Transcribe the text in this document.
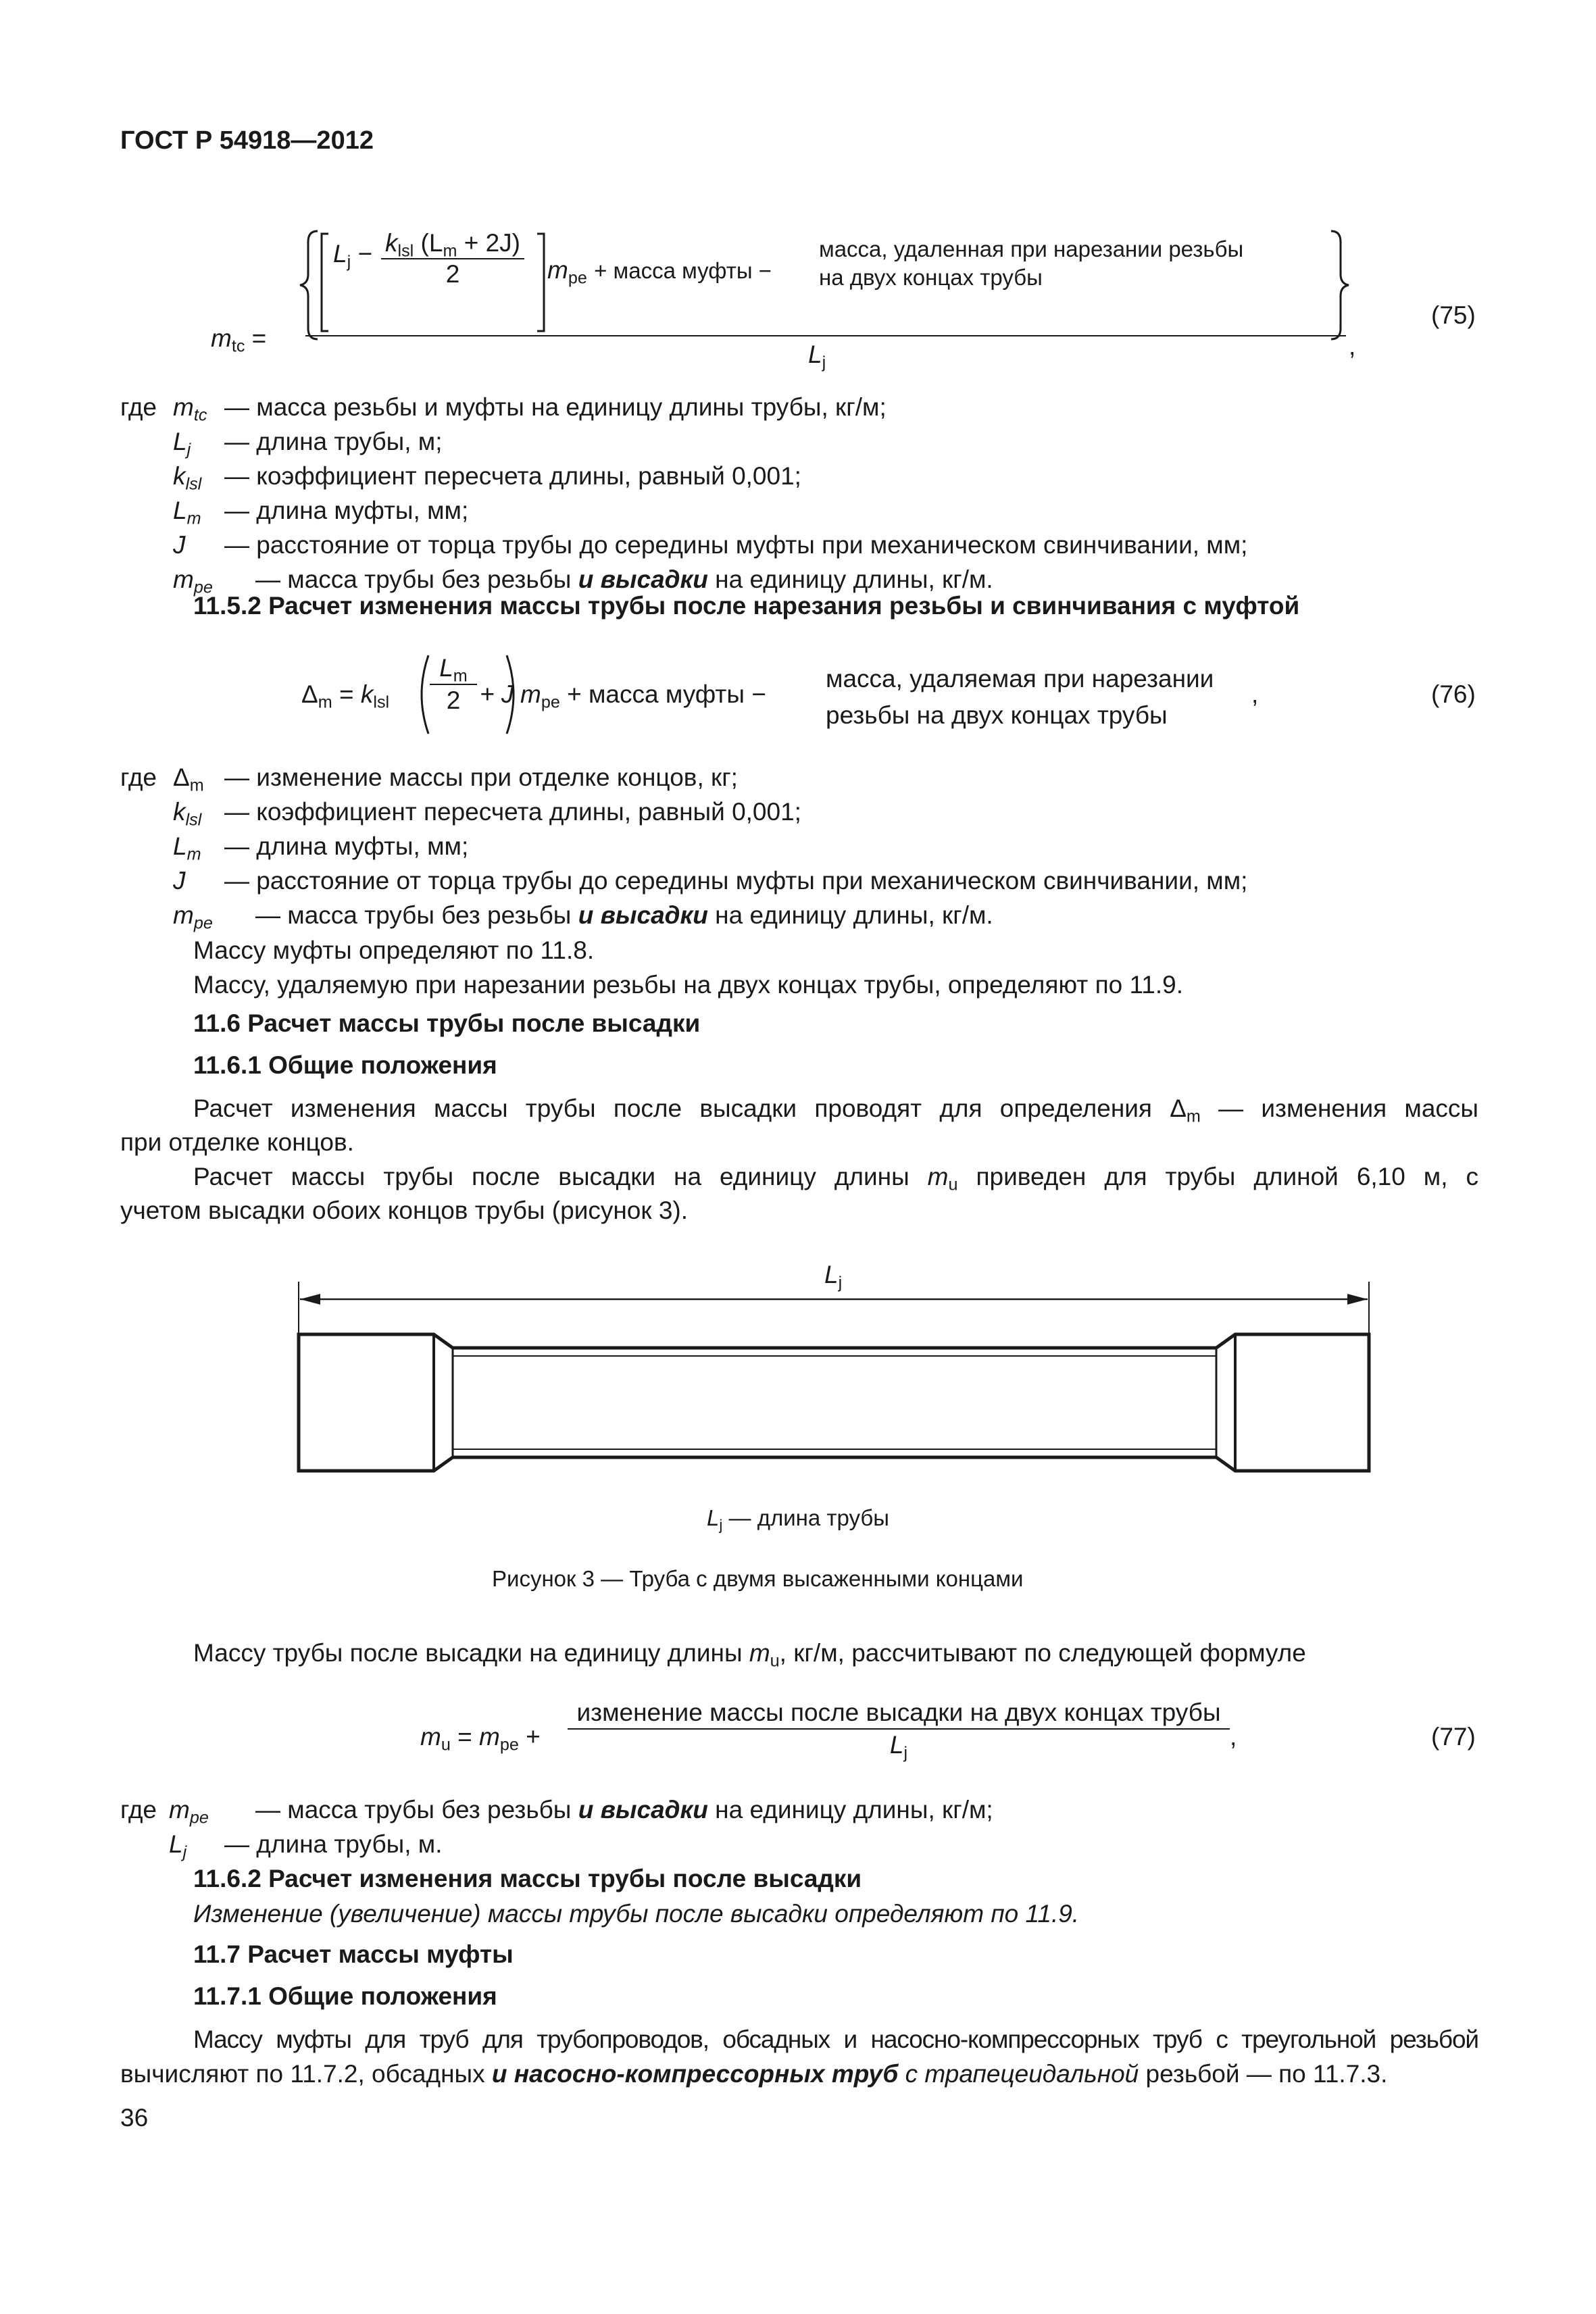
ГОСТ Р 54918—2012
$L_j - k_{lsl}$ $(L_m + 2J)$
2	$m_{pe}$ + масса муфты −
масса, удаленная при нарезании резьбы
на двух концах трубы
$L_j$
$m_{tc}$ =	,
(75)
где $m_{tc}$ — масса резьбы и муфты на единицу длины трубы, кг/м;
$L_j$ — длина трубы, м;
$k_{lsl}$ — коэффициент пересчета длины, равный 0,001;
$L_m$ — длина муфты, мм;
J — расстояние от торца трубы до середины муфты при механическом свинчивании, мм;
$m_{pe}$ — масса трубы без резьбы и высадки на единицу длины, кг/м.
11.5.2 Расчет изменения массы трубы после нарезания резьбы и свинчивания с муфтой
$\Delta_m = k_{lsl}$
$L_m$
2 + J $m_{pe}$ + масса муфты −
масса, удаляемая при нарезании
резьбы на двух концах трубы
,	(76)
где $\Delta_m$ — изменение массы при отделке концов, кг;
$k_{lsl}$ — коэффициент пересчета длины, равный 0,001;
$L_m$ — длина муфты, мм;
J — расстояние от торца трубы до середины муфты при механическом свинчивании, мм;
$m_{pe}$ — масса трубы без резьбы и высадки на единицу длины, кг/м.
Массу муфты определяют по 11.8.
Массу, удаляемую при нарезании резьбы на двух концах трубы, определяют по 11.9.
11.6 Расчет массы трубы после высадки
11.6.1 Общие положения
Расчет изменения массы трубы после высадки проводят для определения $\Delta_m$ — изменения массы
при отделке концов.
Расчет массы трубы после высадки на единицу длины $m_u$ приведен для трубы длиной 6,10 м, с
учетом высадки обоих концов трубы (рисунок 3).
$L_j$
$L_j$ — длина трубы
Рисунок 3 — Труба с двумя высаженными концами
Массу трубы после высадки на единицу длины $m_u$, кг/м, рассчитывают по следующей формуле
$m_u = m_{pe}$ +
изменение массы после высадки на двух концах трубы
$L_j$
,	(77)
где $m_{pe}$ — масса трубы без резьбы и высадки на единицу длины, кг/м;
$L_j$ — длина трубы, м.
11.6.2 Расчет изменения массы трубы после высадки
Изменение (увеличение) массы трубы после высадки определяют по 11.9.
11.7 Расчет массы муфты
11.7.1 Общие положения
Массу муфты для труб для трубопроводов, обсадных и насосно-компрессорных труб с треугольной резьбой
вычисляют по 11.7.2, обсадных и насосно-компрессорных труб с трапецеидальной резьбой — по 11.7.3.
36
